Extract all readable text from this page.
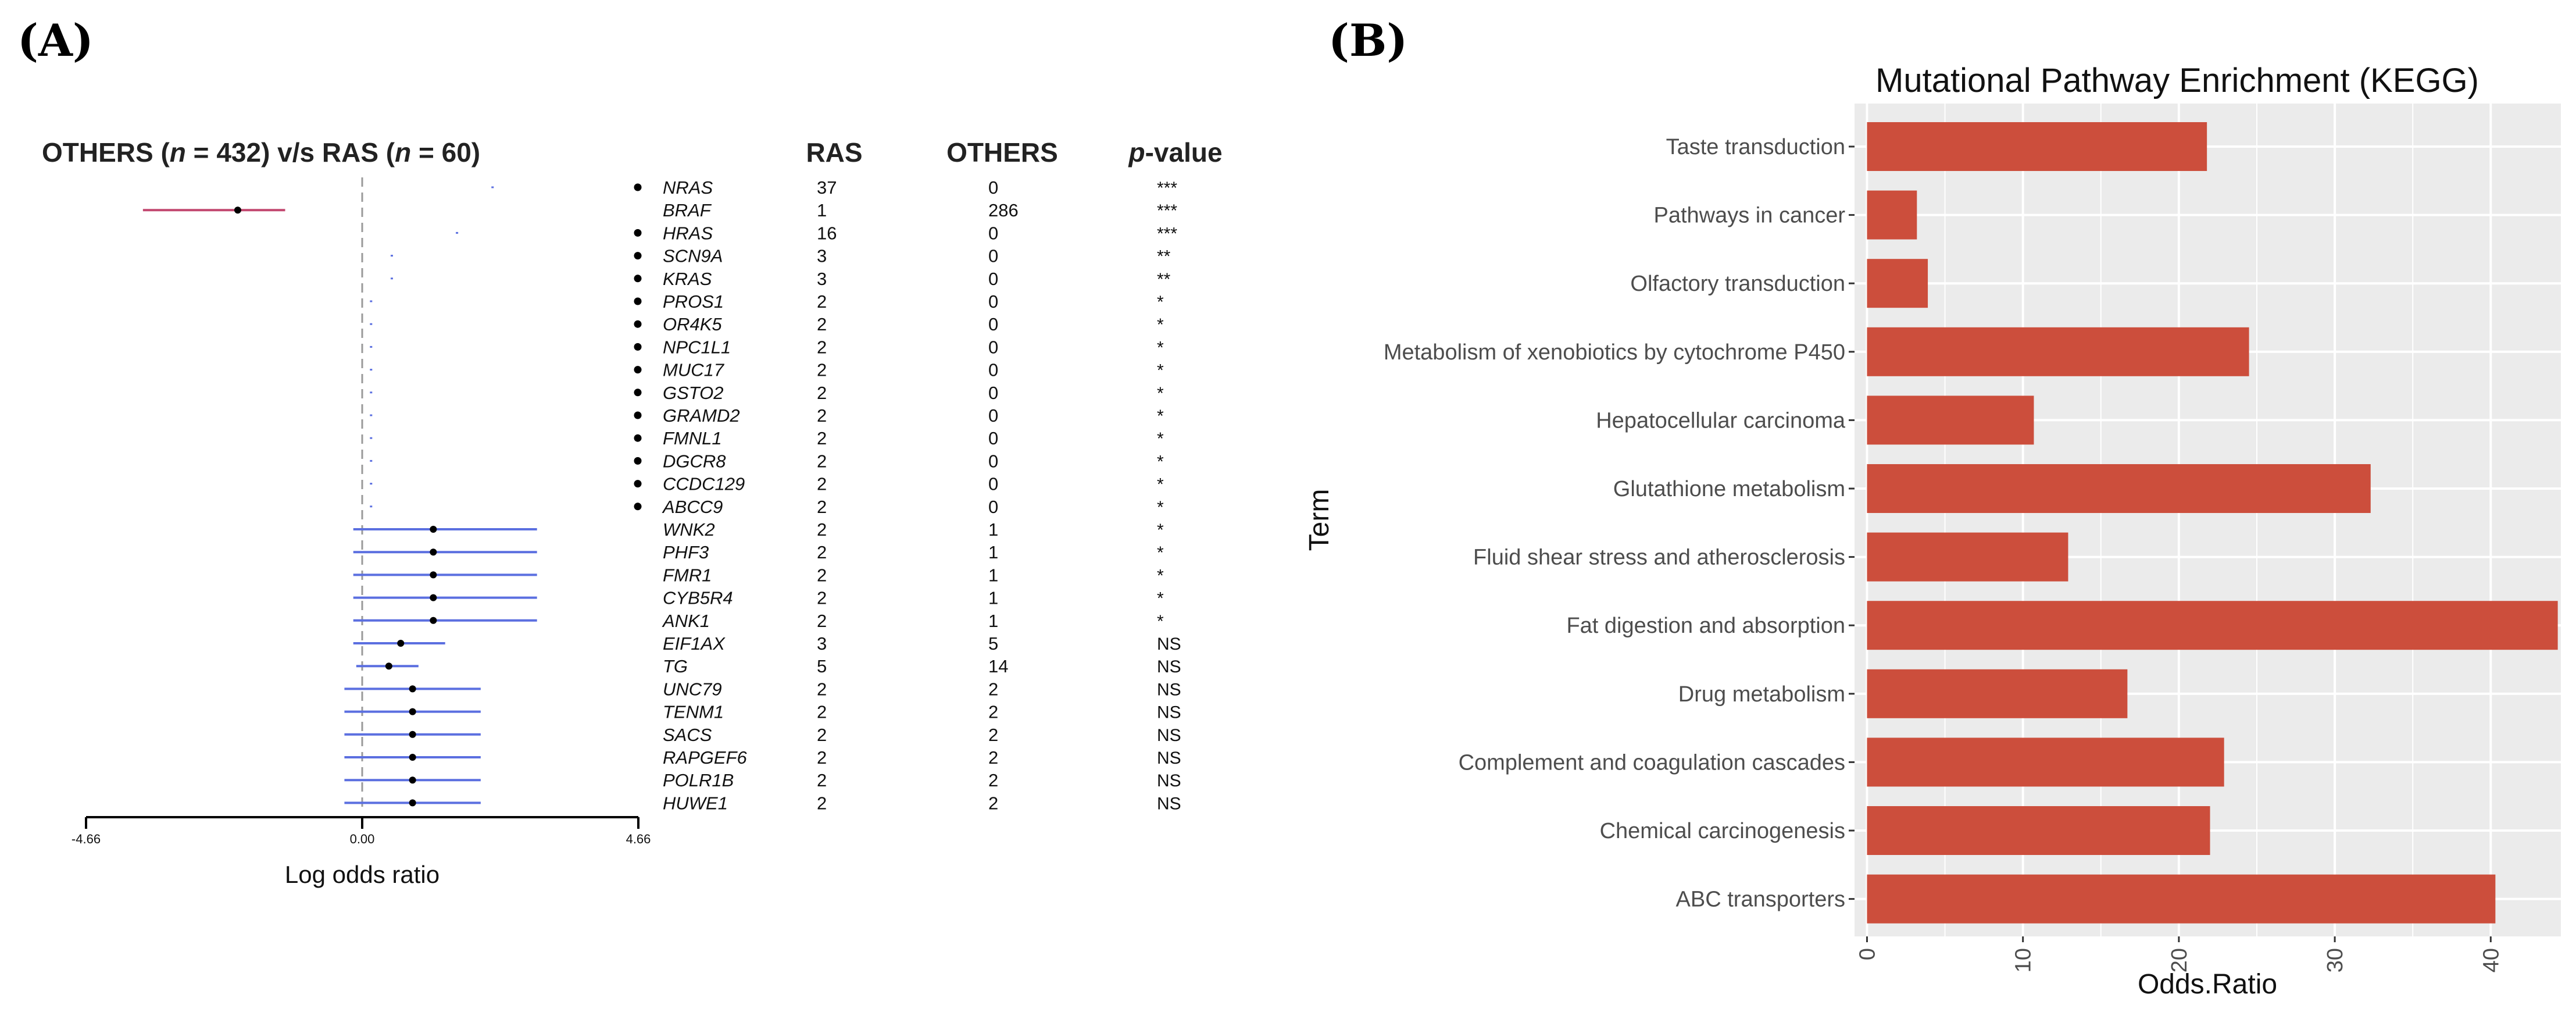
(A)	(B)
OTHERS (n = 432) v/s RAS (n = 60)	RAS	OTHERS	p-value
NRAS	37	0	***
BRAF	1	286	***
HRAS	16	0	***
SCN9A	3	0	**
KRAS	3	0	**
PROS1	2	0	*
OR4K5	2	0	*
NPC1L1	2	0	*
MUC17	2	0	*
GSTO2	2	0	*
GRAMD2	2	0	*
FMNL1	2	0	*
DGCR8	2	0	*
CCDC129	2	0	*
ABCC9	2	0	*
WNK2	2	1	*
PHF3	2	1	*
FMR1	2	1	*
CYB5R4	2	1	*
ANK1	2	1	*
EIF1AX	3	5	NS
TG	5	14	NS
UNC79	2	2	NS
TENM1	2	2	NS
SACS	2	2	NS
RAPGEF6	2	2	NS
POLR1B	2	2	NS
HUWE1	2	2	NS
-4.66	0.00	4.66
Log odds ratio
Mutational Pathway Enrichment (KEGG)
Taste transduction
Pathways in cancer
Olfactory transduction
Metabolism of xenobiotics by cytochrome P450
Hepatocellular carcinoma
Glutathione metabolism
Fluid shear stress and atherosclerosis
Fat digestion and absorption
Drug metabolism
Complement and coagulation cascades
Chemical carcinogenesis
ABC transporters
0	10	20	30	40
Term
Odds.Ratio
